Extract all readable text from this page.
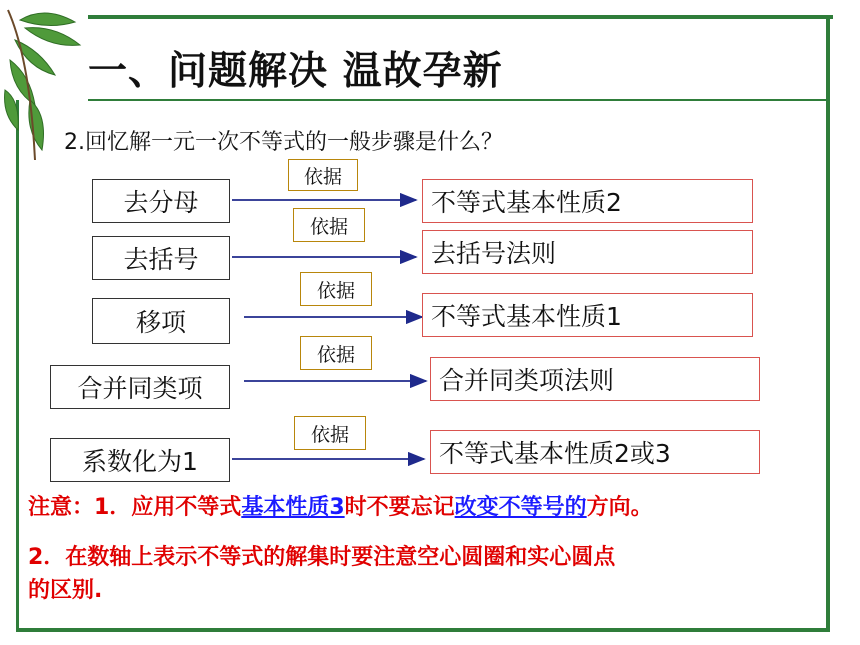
一、问题解决 温故孕新
2.回忆解一元一次不等式的一般步骤是什么？
去分母
依据
不等式基本性质2
去括号
依据
去括号法则
移项
依据
不等式基本性质1
合并同类项
依据
合并同类项法则
系数化为1
依据
不等式基本性质2或3
注意：1．应用不等式基本性质3时不要忘记改变不等号的方向。
2．在数轴上表示不等式的解集时要注意空心圆圈和实心圆点
的区别.
